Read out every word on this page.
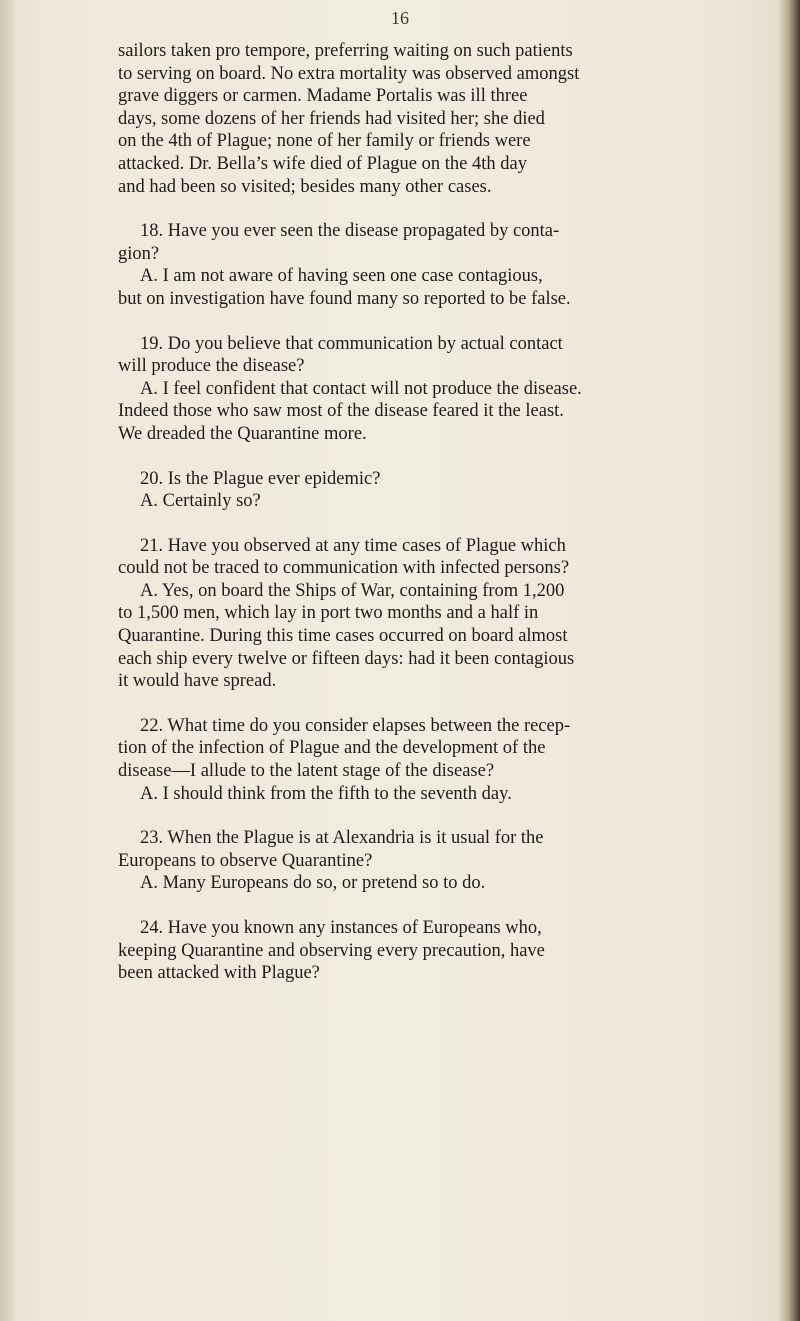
16

sailors taken pro tempore, preferring waiting on such patients

to serving on board. No extra mortality was observed amongst

grave diggers or carmen. Madame Portalis was ill three

days, some dozens of her friends had visited her; she died

on the 4th of Plague; none of her family or friends were

attacked. Dr. Bella’s wife died of Plague on the 4th day

and had been so visited; besides many other cases.

18. Have you ever seen the disease propagated by conta-

gion?

A. I am not aware of having seen one case contagious,

but on investigation have found many so reported to be false.

19. Do you believe that communication by actual contact

will produce the disease?

A. I feel confident that contact will not produce the disease.

Indeed those who saw most of the disease feared it the least.

We dreaded the Quarantine more.

20. Is the Plague ever epidemic?

A. Certainly so?

21. Have you observed at any time cases of Plague which

could not be traced to communication with infected persons?

A. Yes, on board the Ships of War, containing from 1,200

to 1,500 men, which lay in port two months and a half in

Quarantine. During this time cases occurred on board almost

each ship every twelve or fifteen days: had it been contagious

it would have spread.

22. What time do you consider elapses between the recep-

tion of the infection of Plague and the development of the

disease—I allude to the latent stage of the disease?

A. I should think from the fifth to the seventh day.

23. When the Plague is at Alexandria is it usual for the

Europeans to observe Quarantine?

A. Many Europeans do so, or pretend so to do.

24. Have you known any instances of Europeans who,

keeping Quarantine and observing every precaution, have

been attacked with Plague?
